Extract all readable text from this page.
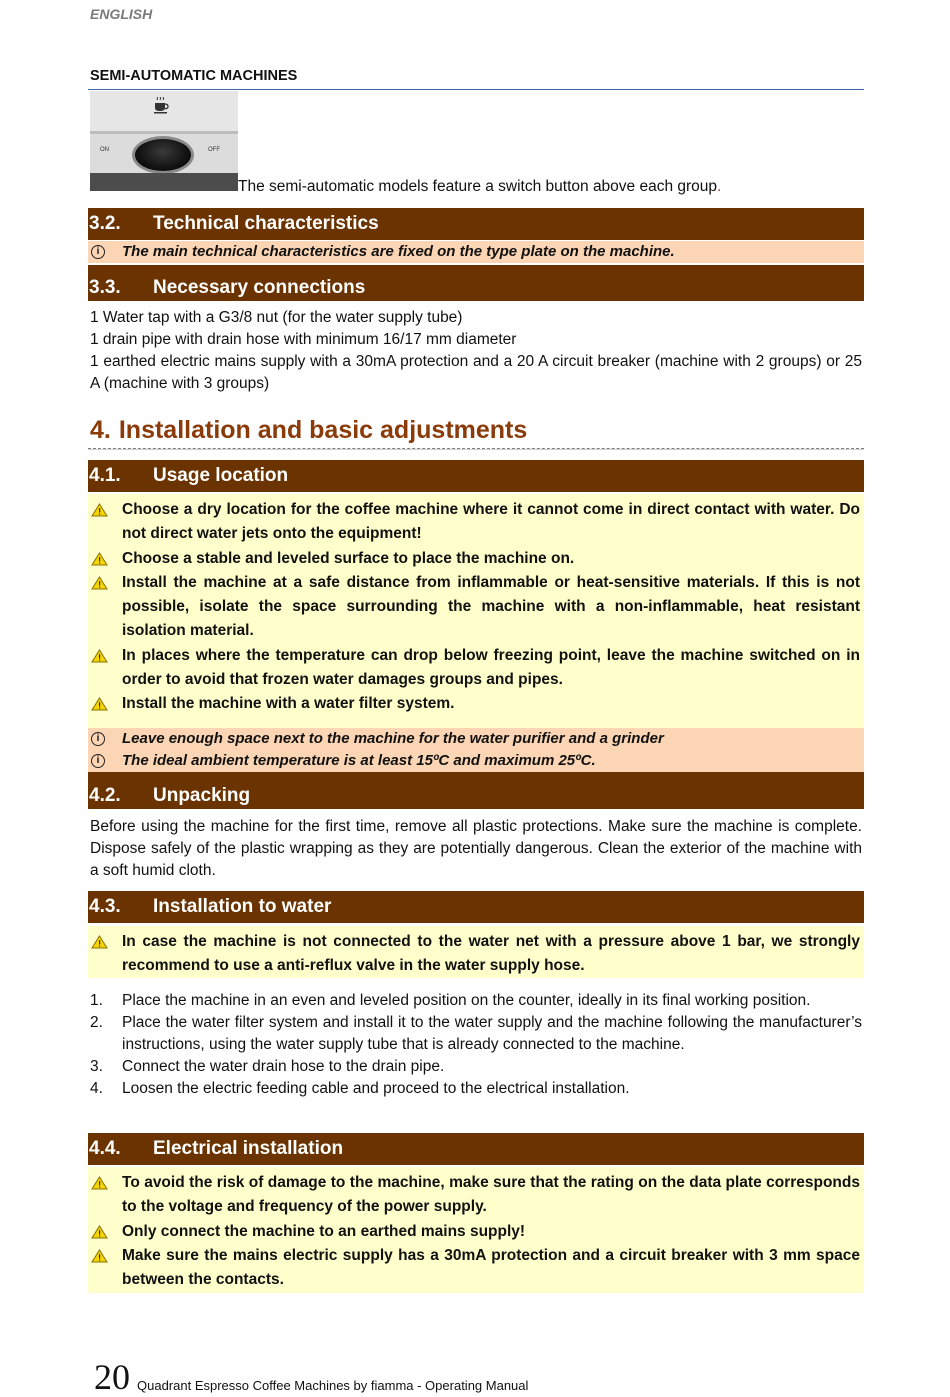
ENGLISH
SEMI-AUTOMATIC MACHINES
ON	OFF
The semi-automatic models feature a switch button above each group.
3.2. Technical characteristics
i	The main technical characteristics are fixed on the type plate on the machine.
3.3. Necessary connections
1 Water tap with a G3/8 nut (for the water supply tube)
1 drain pipe with drain hose with minimum 16/17 mm diameter
1 earthed electric mains supply with a 30mA protection and a 20 A circuit breaker (machine with 2 groups) or 25 A (machine with 3 groups)
4. Installation and basic adjustments
4.1. Usage location
Choose a dry location for the coffee machine where it cannot come in direct contact with water. Do not direct water jets onto the equipment!
Choose a stable and leveled surface to place the machine on.
Install the machine at a safe distance from inflammable or heat-sensitive materials. If this is not possible, isolate the space surrounding the machine with a non-inflammable, heat resistant isolation material.
In places where the temperature can drop below freezing point, leave the machine switched on in order to avoid that frozen water damages groups and pipes.
Install the machine with a water filter system.
i	Leave enough space next to the machine for the water purifier and a grinder
i	The ideal ambient temperature is at least 15ºC and maximum 25ºC.
4.2. Unpacking
Before using the machine for the first time, remove all plastic protections. Make sure the machine is complete. Dispose safely of the plastic wrapping as they are potentially dangerous. Clean the exterior of the machine with a soft humid cloth.
4.3. Installation to water
In case the machine is not connected to the water net with a pressure above 1 bar, we strongly recommend to use a anti-reflux valve in the water supply hose.
1. Place the machine in an even and leveled position on the counter, ideally in its final working position.
2. Place the water filter system and install it to the water supply and the machine following the manufacturer’s instructions, using the water supply tube that is already connected to the machine.
3. Connect the water drain hose to the drain pipe.
4. Loosen the electric feeding cable and proceed to the electrical installation.
4.4. Electrical installation
To avoid the risk of damage to the machine, make sure that the rating on the data plate corresponds to the voltage and frequency of the power supply.
Only connect the machine to an earthed mains supply!
Make sure the mains electric supply has a 30mA protection and a circuit breaker with 3 mm space between the contacts.
20 Quadrant Espresso Coffee Machines by fiamma - Operating Manual
